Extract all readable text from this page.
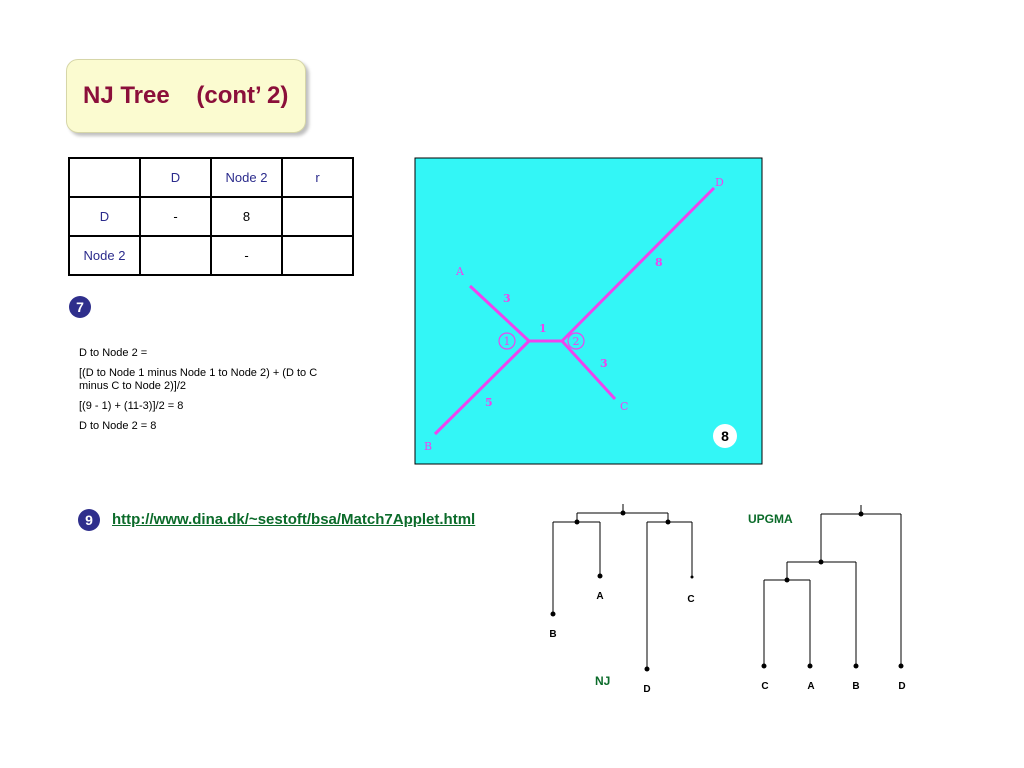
NJ Tree    (cont’ 2)
	D	Node 2	r
D	-	8	
Node 2		-	
7
D to Node 2 =
[(D to Node 1 minus Node 1 to Node 2) + (D to C minus C to Node 2)]/2
[(9 - 1) + (11-3)]/2 = 8
D to Node 2 = 8
9	http://www.dina.dk/~sestoft/bsa/Match7Applet.html
1	2
A
B
C
D
3
5
1
3
8
8
B
A	C
D
NJ	C	A	B	D
UPGMA
